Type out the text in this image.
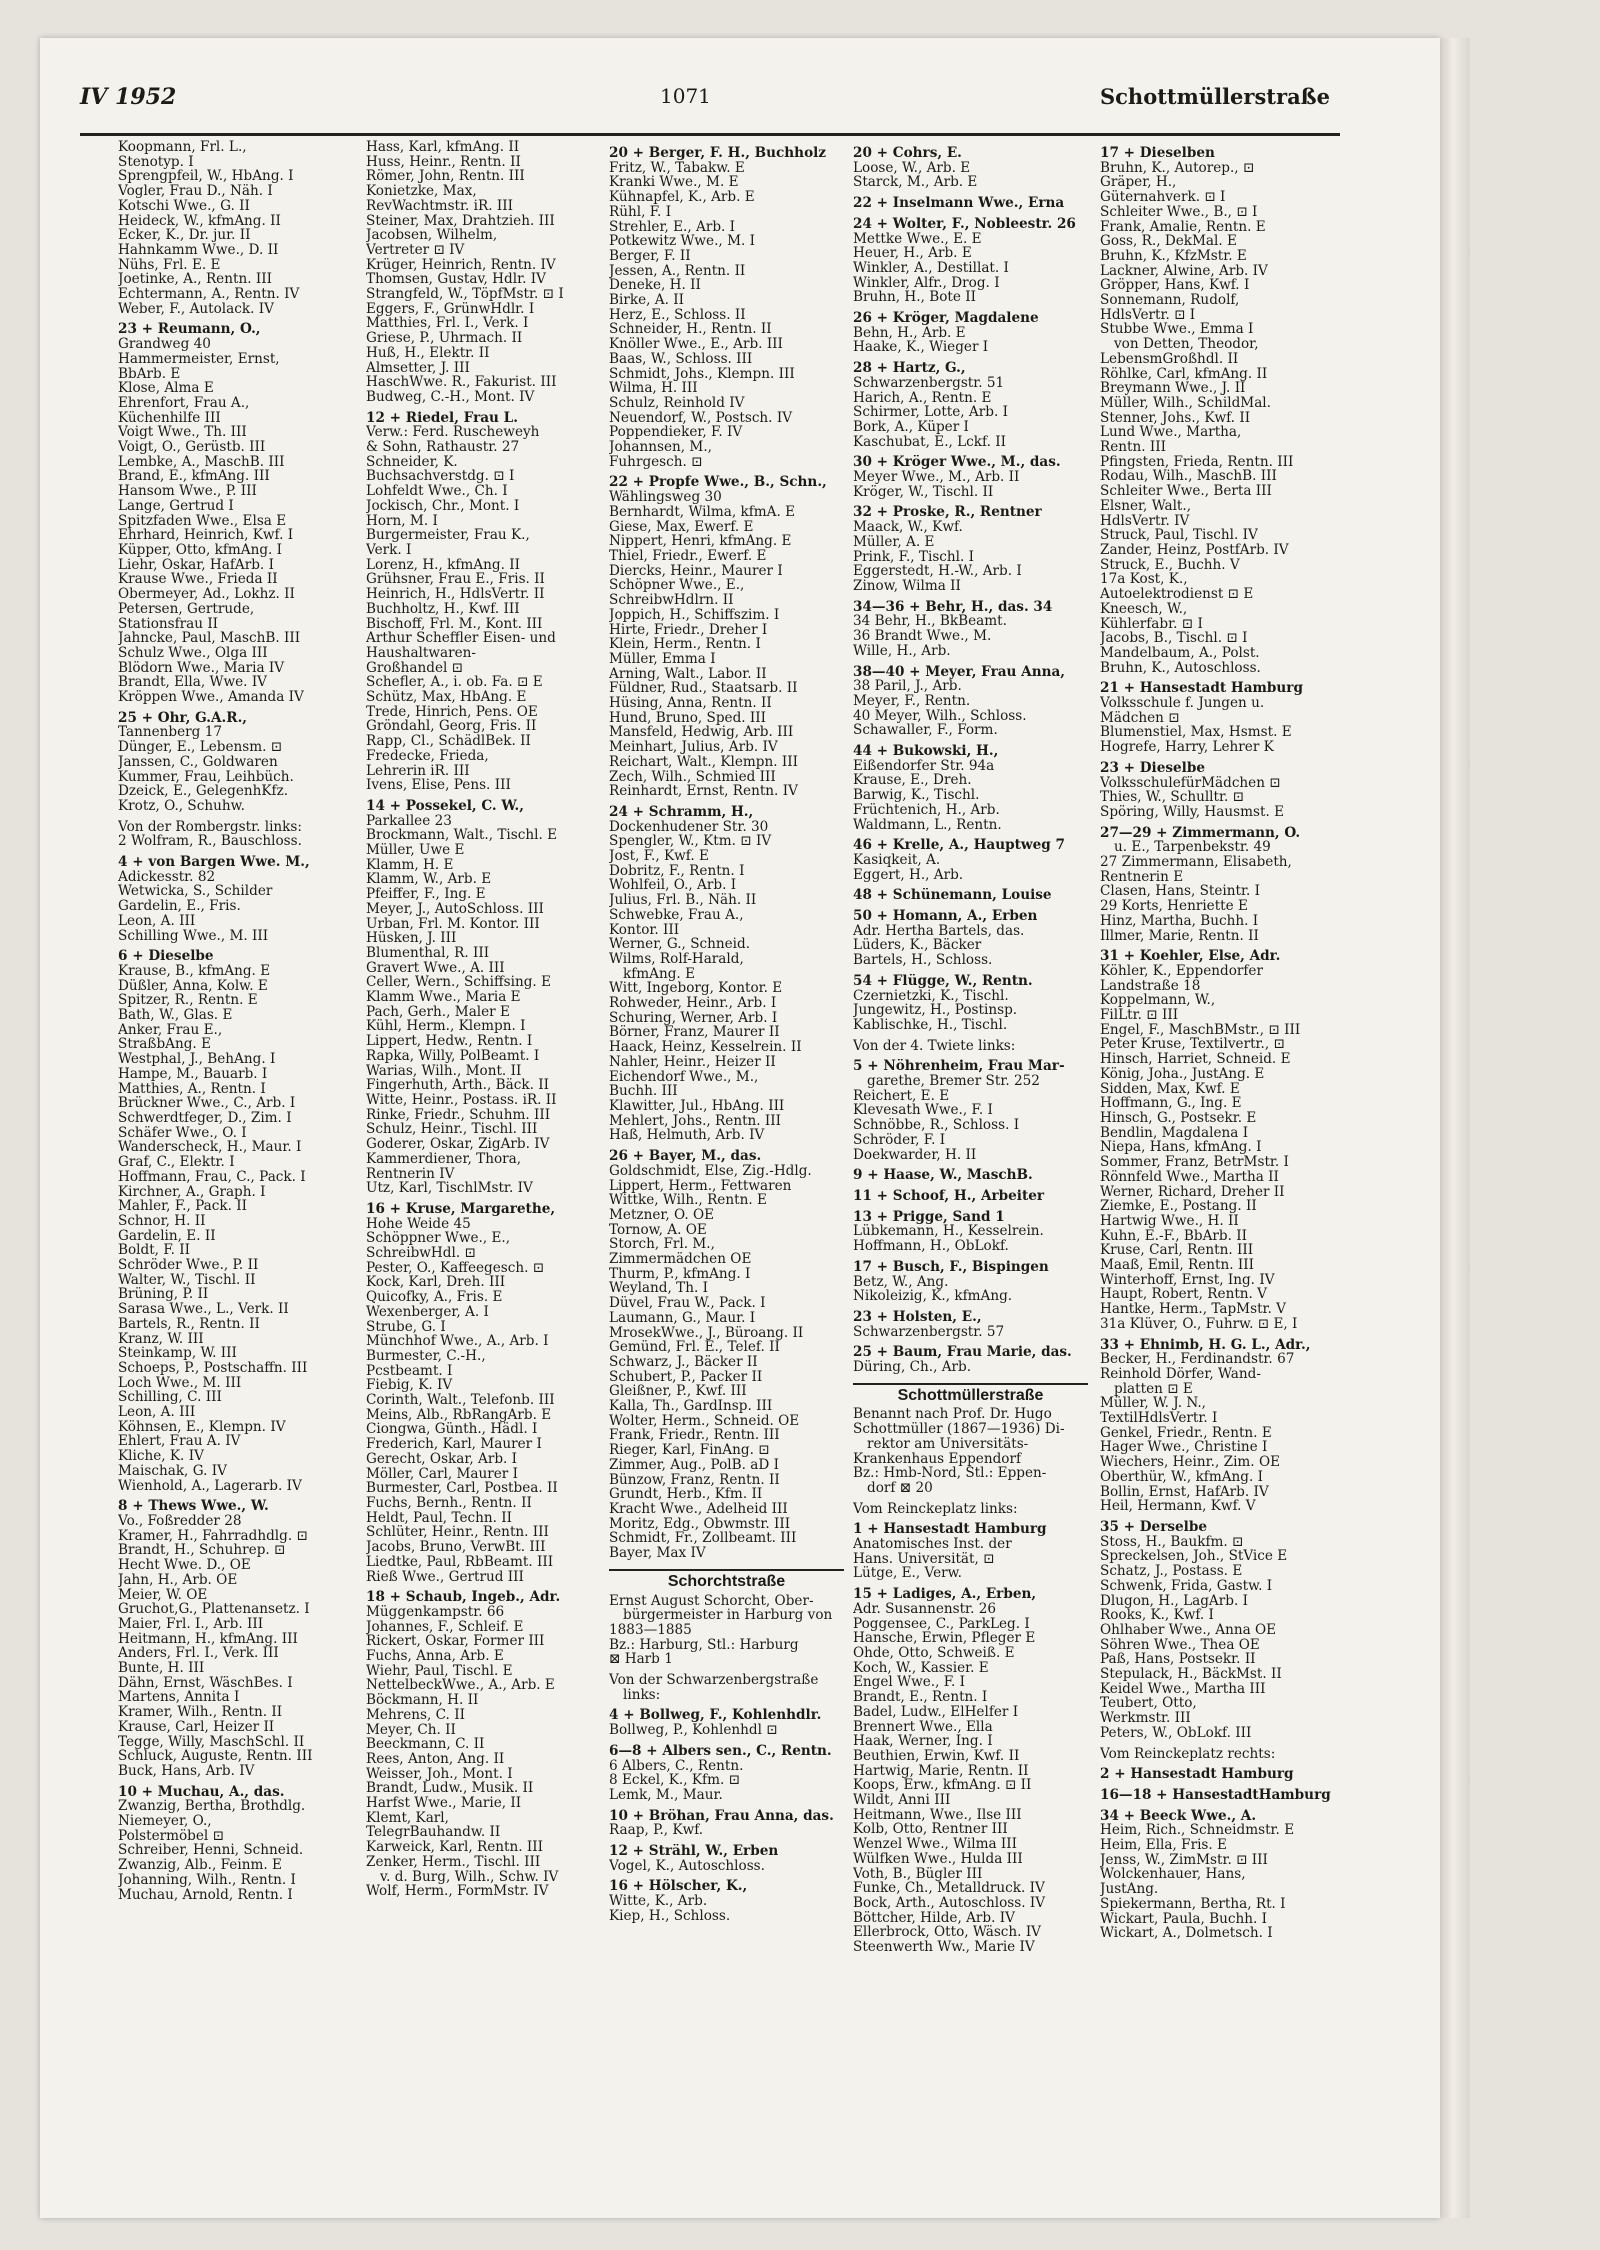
IV 1952	1071	Schottmüllerstraße
Koopmann, Frl. L.,
Stenotyp. I
Sprengpfeil, W., HbAng. I
Vogler, Frau D., Näh. I
Kotschi Wwe., G. II
Heideck, W., kfmAng. II
Ecker, K., Dr. jur. II
Hahnkamm Wwe., D. II
Nühs, Frl. E. E
Joetinke, A., Rentn. III
Echtermann, A., Rentn. IV
Weber, F., Autolack. IV
23 + Reumann, O.,
Grandweg 40
Hammermeister, Ernst,
BbArb. E
Klose, Alma E
Ehrenfort, Frau A.,
Küchenhilfe III
Voigt Wwe., Th. III
Voigt, O., Gerüstb. III
Lembke, A., MaschB. III
Brand, E., kfmAng. III
Hansom Wwe., P. III
Lange, Gertrud I
Spitzfaden Wwe., Elsa E
Ehrhard, Heinrich, Kwf. I
Küpper, Otto, kfmAng. I
Liehr, Oskar, HafArb. I
Krause Wwe., Frieda II
Obermeyer, Ad., Lokhz. II
Petersen, Gertrude,
Stationsfrau II
Jahncke, Paul, MaschB. III
Schulz Wwe., Olga III
Blödorn Wwe., Maria IV
Brandt, Ella, Wwe. IV
Kröppen Wwe., Amanda IV
25 + Ohr, G.A.R.,
Tannenberg 17
Dünger, E., Lebensm. ⊡
Janssen, C., Goldwaren
Kummer, Frau, Leihbüch.
Dzeick, E., GelegenhKfz.
Krotz, O., Schuhw.
Von der Rombergstr. links:
2 Wolfram, R., Bauschloss.
4 + von Bargen Wwe. M.,
Adickesstr. 82
Wetwicka, S., Schilder
Gardelin, E., Fris.
Leon, A. III
Schilling Wwe., M. III
6 + Dieselbe
Krause, B., kfmAng. E
Düßler, Anna, Kolw. E
Spitzer, R., Rentn. E
Bath, W., Glas. E
Anker, Frau E.,
StraßbAng. E
Westphal, J., BehAng. I
Hampe, M., Bauarb. I
Matthies, A., Rentn. I
Brückner Wwe., C., Arb. I
Schwerdtfeger, D., Zim. I
Schäfer Wwe., O. I
Wanderscheck, H., Maur. I
Graf, C., Elektr. I
Hoffmann, Frau, C., Pack. I
Kirchner, A., Graph. I
Mahler, F., Pack. II
Schnor, H. II
Gardelin, E. II
Boldt, F. II
Schröder Wwe., P. II
Walter, W., Tischl. II
Brüning, P. II
Sarasa Wwe., L., Verk. II
Bartels, R., Rentn. II
Kranz, W. III
Steinkamp, W. III
Schoeps, P., Postschaffn. III
Loch Wwe., M. III
Schilling, C. III
Leon, A. III
Köhnsen, E., Klempn. IV
Ehlert, Frau A. IV
Kliche, K. IV
Maischak, G. IV
Wienhold, A., Lagerarb. IV
8 + Thews Wwe., W.
Vo., Foßredder 28
Kramer, H., Fahrradhdlg. ⊡
Brandt, H., Schuhrep. ⊡
Hecht Wwe. D., OE
Jahn, H., Arb. OE
Meier, W. OE
Gruchot,G., Plattenansetz. I
Maier, Frl. I., Arb. III
Heitmann, H., kfmAng. III
Anders, Frl. I., Verk. III
Bunte, H. III
Dähn, Ernst, WäschBes. I
Martens, Annita I
Kramer, Wilh., Rentn. II
Krause, Carl, Heizer II
Tegge, Willy, MaschSchl. II
Schluck, Auguste, Rentn. III
Buck, Hans, Arb. IV
10 + Muchau, A., das.
Zwanzig, Bertha, Brothdlg.
Niemeyer, O.,
Polstermöbel ⊡
Schreiber, Henni, Schneid.
Zwanzig, Alb., Feinm. E
Johanning, Wilh., Rentn. I
Muchau, Arnold, Rentn. I
Hass, Karl, kfmAng. II
Huss, Heinr., Rentn. II
Römer, John, Rentn. III
Konietzke, Max,
RevWachtmstr. iR. III
Steiner, Max, Drahtzieh. III
Jacobsen, Wilhelm,
Vertreter ⊡ IV
Krüger, Heinrich, Rentn. IV
Thomsen, Gustav, Hdlr. IV
Strangfeld, W., TöpfMstr. ⊡ I
Eggers, F., GrünwHdlr. I
Matthies, Frl. I., Verk. I
Griese, P., Uhrmach. II
Huß, H., Elektr. II
Almsetter, J. III
HaschWwe. R., Fakurist. III
Budweg, C.-H., Mont. IV
12 + Riedel, Frau L.
Verw.: Ferd. Ruscheweyh
& Sohn, Rathaustr. 27
Schneider, K.
Buchsachverstdg. ⊡ I
Lohfeldt Wwe., Ch. I
Jockisch, Chr., Mont. I
Horn, M. I
Burgermeister, Frau K.,
Verk. I
Lorenz, H., kfmAng. II
Grühsner, Frau E., Fris. II
Heinrich, H., HdlsVertr. II
Buchholtz, H., Kwf. III
Bischoff, Frl. M., Kont. III
Arthur Scheffler Eisen- und
Haushaltwaren-
Großhandel ⊡
Schefler, A., i. ob. Fa. ⊡ E
Schütz, Max, HbAng. E
Trede, Hinrich, Pens. OE
Gröndahl, Georg, Fris. II
Rapp, Cl., SchädlBek. II
Fredecke, Frieda,
Lehrerin iR. III
Ivens, Elise, Pens. III
14 + Possekel, C. W.,
Parkallee 23
Brockmann, Walt., Tischl. E
Müller, Uwe E
Klamm, H. E
Klamm, W., Arb. E
Pfeiffer, F., Ing. E
Meyer, J., AutoSchloss. III
Urban, Frl. M. Kontor. III
Hüsken, J. III
Blumenthal, R. III
Gravert Wwe., A. III
Celler, Wern., Schiffsing. E
Klamm Wwe., Maria E
Pach, Gerh., Maler E
Kühl, Herm., Klempn. I
Lippert, Hedw., Rentn. I
Rapka, Willy, PolBeamt. I
Warias, Wilh., Mont. II
Fingerhuth, Arth., Bäck. II
Witte, Heinr., Postass. iR. II
Rinke, Friedr., Schuhm. III
Schulz, Heinr., Tischl. III
Goderer, Oskar, ZigArb. IV
Kammerdiener, Thora,
Rentnerin IV
Utz, Karl, TischlMstr. IV
16 + Kruse, Margarethe,
Hohe Weide 45
Schöppner Wwe., E.,
SchreibwHdl. ⊡
Pester, O., Kaffeegesch. ⊡
Kock, Karl, Dreh. III
Quicofky, A., Fris. E
Wexenberger, A. I
Strube, G. I
Münchhof Wwe., A., Arb. I
Burmester, C.-H.,
Pcstbeamt. I
Fiebig, K. IV
Corinth, Walt., Telefonb. III
Meins, Alb., RbRangArb. E
Ciongwa, Günth., Hädl. I
Frederich, Karl, Maurer I
Gerecht, Oskar, Arb. I
Möller, Carl, Maurer I
Burmester, Carl, Postbea. II
Fuchs, Bernh., Rentn. II
Heldt, Paul, Techn. II
Schlüter, Heinr., Rentn. III
Jacobs, Bruno, VerwBt. III
Liedtke, Paul, RbBeamt. III
Rieß Wwe., Gertrud III
18 + Schaub, Ingeb., Adr.
Müggenkampstr. 66
Johannes, F., Schleif. E
Rickert, Oskar, Former III
Fuchs, Anna, Arb. E
Wiehr, Paul, Tischl. E
NettelbeckWwe., A., Arb. E
Böckmann, H. II
Mehrens, C. II
Meyer, Ch. II
Beeckmann, C. II
Rees, Anton, Ang. II
Weisser, Joh., Mont. I
Brandt, Ludw., Musik. II
Harfst Wwe., Marie, II
Klemt, Karl,
TelegrBauhandw. II
Karweick, Karl, Rentn. III
Zenker, Herm., Tischl. III
v. d. Burg, Wilh., Schw. IV
Wolf, Herm., FormMstr. IV
20 + Berger, F. H., Buchholz
Fritz, W., Tabakw. E
Kranki Wwe., M. E
Kühnapfel, K., Arb. E
Rühl, F. I
Strehler, E., Arb. I
Potkewitz Wwe., M. I
Berger, F. II
Jessen, A., Rentn. II
Deneke, H. II
Birke, A. II
Herz, E., Schloss. II
Schneider, H., Rentn. II
Knöller Wwe., E., Arb. III
Baas, W., Schloss. III
Schmidt, Johs., Klempn. III
Wilma, H. III
Schulz, Reinhold IV
Neuendorf, W., Postsch. IV
Poppendieker, F. IV
Johannsen, M.,
Fuhrgesch. ⊡
22 + Propfe Wwe., B., Schn.,
Wählingsweg 30
Bernhardt, Wilma, kfmA. E
Giese, Max, Ewerf. E
Nippert, Henri, kfmAng. E
Thiel, Friedr., Ewerf. E
Diercks, Heinr., Maurer I
Schöpner Wwe., E.,
SchreibwHdlrn. II
Joppich, H., Schiffszim. I
Hirte, Friedr., Dreher I
Klein, Herm., Rentn. I
Müller, Emma I
Arning, Walt., Labor. II
Füldner, Rud., Staatsarb. II
Hüsing, Anna, Rentn. II
Hund, Bruno, Sped. III
Mansfeld, Hedwig, Arb. III
Meinhart, Julius, Arb. IV
Reichart, Walt., Klempn. III
Zech, Wilh., Schmied III
Reinhardt, Ernst, Rentn. IV
24 + Schramm, H.,
Dockenhudener Str. 30
Spengler, W., Ktm. ⊡ IV
Jost, F., Kwf. E
Dobritz, F., Rentn. I
Wohlfeil, O., Arb. I
Julius, Frl. B., Näh. II
Schwebke, Frau A.,
Kontor. III
Werner, G., Schneid.
Wilms, Rolf-Harald,
kfmAng. E
Witt, Ingeborg, Kontor. E
Rohweder, Heinr., Arb. I
Schuring, Werner, Arb. I
Börner, Franz, Maurer II
Haack, Heinz, Kesselrein. II
Nahler, Heinr., Heizer II
Eichendorf Wwe., M.,
Buchh. III
Klawitter, Jul., HbAng. III
Mehlert, Johs., Rentn. III
Haß, Helmuth, Arb. IV
26 + Bayer, M., das.
Goldschmidt, Else, Zig.-Hdlg.
Lippert, Herm., Fettwaren
Wittke, Wilh., Rentn. E
Metzner, O. OE
Tornow, A. OE
Storch, Frl. M.,
Zimmermädchen OE
Thurm, P., kfmAng. I
Weyland, Th. I
Düvel, Frau W., Pack. I
Laumann, G., Maur. I
MrosekWwe., J., Büroang. II
Gemünd, Frl. E., Telef. II
Schwarz, J., Bäcker II
Schubert, P., Packer II
Gleißner, P., Kwf. III
Kalla, Th., GardInsp. III
Wolter, Herm., Schneid. OE
Frank, Friedr., Rentn. III
Rieger, Karl, FinAng. ⊡
Zimmer, Aug., PolB. aD I
Bünzow, Franz, Rentn. II
Grundt, Herb., Kfm. II
Kracht Wwe., Adelheid III
Moritz, Edg., Obwmstr. III
Schmidt, Fr., Zollbeamt. III
Bayer, Max IV
Schorchtstraße
Ernst August Schorcht, Ober-
bürgermeister in Harburg von
1883—1885
Bz.: Harburg, Stl.: Harburg
⊠ Harb 1
Von der Schwarzenbergstraße
links:
4 + Bollweg, F., Kohlenhdlr.
Bollweg, P., Kohlenhdl ⊡
6—8 + Albers sen., C., Rentn.
6 Albers, C., Rentn.
8 Eckel, K., Kfm. ⊡
Lemk, M., Maur.
10 + Bröhan, Frau Anna, das.
Raap, P., Kwf.
12 + Strähl, W., Erben
Vogel, K., Autoschloss.
16 + Hölscher, K.,
Witte, K., Arb.
Kiep, H., Schloss.
20 + Cohrs, E.
Loose, W., Arb. E
Starck, M., Arb. E
22 + Inselmann Wwe., Erna
24 + Wolter, F., Nobleestr. 26
Mettke Wwe., E. E
Heuer, H., Arb. E
Winkler, A., Destillat. I
Winkler, Alfr., Drog. I
Bruhn, H., Bote II
26 + Kröger, Magdalene
Behn, H., Arb. E
Haake, K., Wieger I
28 + Hartz, G.,
Schwarzenbergstr. 51
Harich, A., Rentn. E
Schirmer, Lotte, Arb. I
Bork, A., Küper I
Kaschubat, E., Lckf. II
30 + Kröger Wwe., M., das.
Meyer Wwe., M., Arb. II
Kröger, W., Tischl. II
32 + Proske, R., Rentner
Maack, W., Kwf.
Müller, A. E
Prink, F., Tischl. I
Eggerstedt, H.-W., Arb. I
Zinow, Wilma II
34—36 + Behr, H., das. 34
34 Behr, H., BkBeamt.
36 Brandt Wwe., M.
Wille, H., Arb.
38—40 + Meyer, Frau Anna,
38 Paril, J., Arb.
Meyer, F., Rentn.
40 Meyer, Wilh., Schloss.
Schawaller, F., Form.
44 + Bukowski, H.,
Eißendorfer Str. 94a
Krause, E., Dreh.
Barwig, K., Tischl.
Früchtenich, H., Arb.
Waldmann, L., Rentn.
46 + Krelle, A., Hauptweg 7
Kasiqkeit, A.
Eggert, H., Arb.
48 + Schünemann, Louise
50 + Homann, A., Erben
Adr. Hertha Bartels, das.
Lüders, K., Bäcker
Bartels, H., Schloss.
54 + Flügge, W., Rentn.
Czernietzki, K., Tischl.
Jungewitz, H., Postinsp.
Kablischke, H., Tischl.
Von der 4. Twiete links:
5 + Nöhrenheim, Frau Mar-
garethe, Bremer Str. 252
Reichert, E. E
Klevesath Wwe., F. I
Schnöbbe, R., Schloss. I
Schröder, F. I
Doekwarder, H. II
9 + Haase, W., MaschB.
11 + Schoof, H., Arbeiter
13 + Prigge, Sand 1
Lübkemann, H., Kesselrein.
Hoffmann, H., ObLokf.
17 + Busch, F., Bispingen
Betz, W., Ang.
Nikoleizig, K., kfmAng.
23 + Holsten, E.,
Schwarzenbergstr. 57
25 + Baum, Frau Marie, das.
Düring, Ch., Arb.
Schottmüllerstraße
Benannt nach Prof. Dr. Hugo
Schottmüller (1867—1936) Di-
rektor am Universitäts-
Krankenhaus Eppendorf
Bz.: Hmb-Nord, Stl.: Eppen-
dorf ⊠ 20
Vom Reinckeplatz links:
1 + Hansestadt Hamburg
Anatomisches Inst. der
Hans. Universität, ⊡
Lütge, E., Verw.
15 + Ladiges, A., Erben,
Adr. Susannenstr. 26
Poggensee, C., ParkLeg. I
Hansche, Erwin, Pfleger E
Ohde, Otto, Schweiß. E
Koch, W., Kassier. E
Engel Wwe., F. I
Brandt, E., Rentn. I
Badel, Ludw., ElHelfer I
Brennert Wwe., Ella
Haak, Werner, Ing. I
Beuthien, Erwin, Kwf. II
Hartwig, Marie, Rentn. II
Koops, Erw., kfmAng. ⊡ II
Wildt, Anni III
Heitmann, Wwe., Ilse III
Kolb, Otto, Rentner III
Wenzel Wwe., Wilma III
Wülfken Wwe., Hulda III
Voth, B., Bügler III
Funke, Ch., Metalldruck. IV
Bock, Arth., Autoschloss. IV
Böttcher, Hilde, Arb. IV
Ellerbrock, Otto, Wäsch. IV
Steenwerth Ww., Marie IV
17 + Dieselben
Bruhn, K., Autorep., ⊡
Gräper, H.,
Güternahverk. ⊡ I
Schleiter Wwe., B., ⊡ I
Frank, Amalie, Rentn. E
Goss, R., DekMal. E
Bruhn, K., KfzMstr. E
Lackner, Alwine, Arb. IV
Gröpper, Hans, Kwf. I
Sonnemann, Rudolf,
HdlsVertr. ⊡ I
Stubbe Wwe., Emma I
von Detten, Theodor,
LebensmGroßhdl. II
Röhlke, Carl, kfmAng. II
Breymann Wwe., J. II
Müller, Wilh., SchildMal.
Stenner, Johs., Kwf. II
Lund Wwe., Martha,
Rentn. III
Pfingsten, Frieda, Rentn. III
Rodau, Wilh., MaschB. III
Schleiter Wwe., Berta III
Elsner, Walt.,
HdlsVertr. IV
Struck, Paul, Tischl. IV
Zander, Heinz, PostfArb. IV
Struck, E., Buchh. V
17a Kost, K.,
Autoelektrodienst ⊡ E
Kneesch, W.,
Kühlerfabr. ⊡ I
Jacobs, B., Tischl. ⊡ I
Mandelbaum, A., Polst.
Bruhn, K., Autoschloss.
21 + Hansestadt Hamburg
Volksschule f. Jungen u.
Mädchen ⊡
Blumenstiel, Max, Hsmst. E
Hogrefe, Harry, Lehrer K
23 + Dieselbe
VolksschulefürMädchen ⊡
Thies, W., Schulltr. ⊡
Spöring, Willy, Hausmst. E
27—29 + Zimmermann, O.
u. E., Tarpenbekstr. 49
27 Zimmermann, Elisabeth,
Rentnerin E
Clasen, Hans, Steintr. I
29 Korts, Henriette E
Hinz, Martha, Buchh. I
Illmer, Marie, Rentn. II
31 + Koehler, Else, Adr.
Köhler, K., Eppendorfer
Landstraße 18
Koppelmann, W.,
FilLtr. ⊡ III
Engel, F., MaschBMstr., ⊡ III
Peter Kruse, Textilvertr., ⊡
Hinsch, Harriet, Schneid. E
König, Joha., JustAng. E
Sidden, Max, Kwf. E
Hoffmann, G., Ing. E
Hinsch, G., Postsekr. E
Bendlin, Magdalena I
Niepa, Hans, kfmAng. I
Sommer, Franz, BetrMstr. I
Rönnfeld Wwe., Martha II
Werner, Richard, Dreher II
Ziemke, E., Postang. II
Hartwig Wwe., H. II
Kuhn, E.-F., BbArb. II
Kruse, Carl, Rentn. III
Maaß, Emil, Rentn. III
Winterhoff, Ernst, Ing. IV
Haupt, Robert, Rentn. V
Hantke, Herm., TapMstr. V
31a Klüver, O., Fuhrw. ⊡ E, I
33 + Ehnimb, H. G. L., Adr.,
Becker, H., Ferdinandstr. 67
Reinhold Dörfer, Wand-
platten ⊡ E
Müller, W. J. N.,
TextilHdlsVertr. I
Genkel, Friedr., Rentn. E
Hager Wwe., Christine I
Wiechers, Heinr., Zim. OE
Oberthür, W., kfmAng. I
Bollin, Ernst, HafArb. IV
Heil, Hermann, Kwf. V
35 + Derselbe
Stoss, H., Baukfm. ⊡
Spreckelsen, Joh., StVice E
Schatz, J., Postass. E
Schwenk, Frida, Gastw. I
Dlugon, H., LagArb. I
Rooks, K., Kwf. I
Ohlhaber Wwe., Anna OE
Söhren Wwe., Thea OE
Paß, Hans, Postsekr. II
Stepulack, H., BäckMst. II
Keidel Wwe., Martha III
Teubert, Otto,
Werkmstr. III
Peters, W., ObLokf. III
Vom Reinckeplatz rechts:
2 + Hansestadt Hamburg
16—18 + HansestadtHamburg
34 + Beeck Wwe., A.
Heim, Rich., Schneidmstr. E
Heim, Ella, Fris. E
Jenss, W., ZimMstr. ⊡ III
Wolckenhauer, Hans,
JustAng.
Spiekermann, Bertha, Rt. I
Wickart, Paula, Buchh. I
Wickart, A., Dolmetsch. I
